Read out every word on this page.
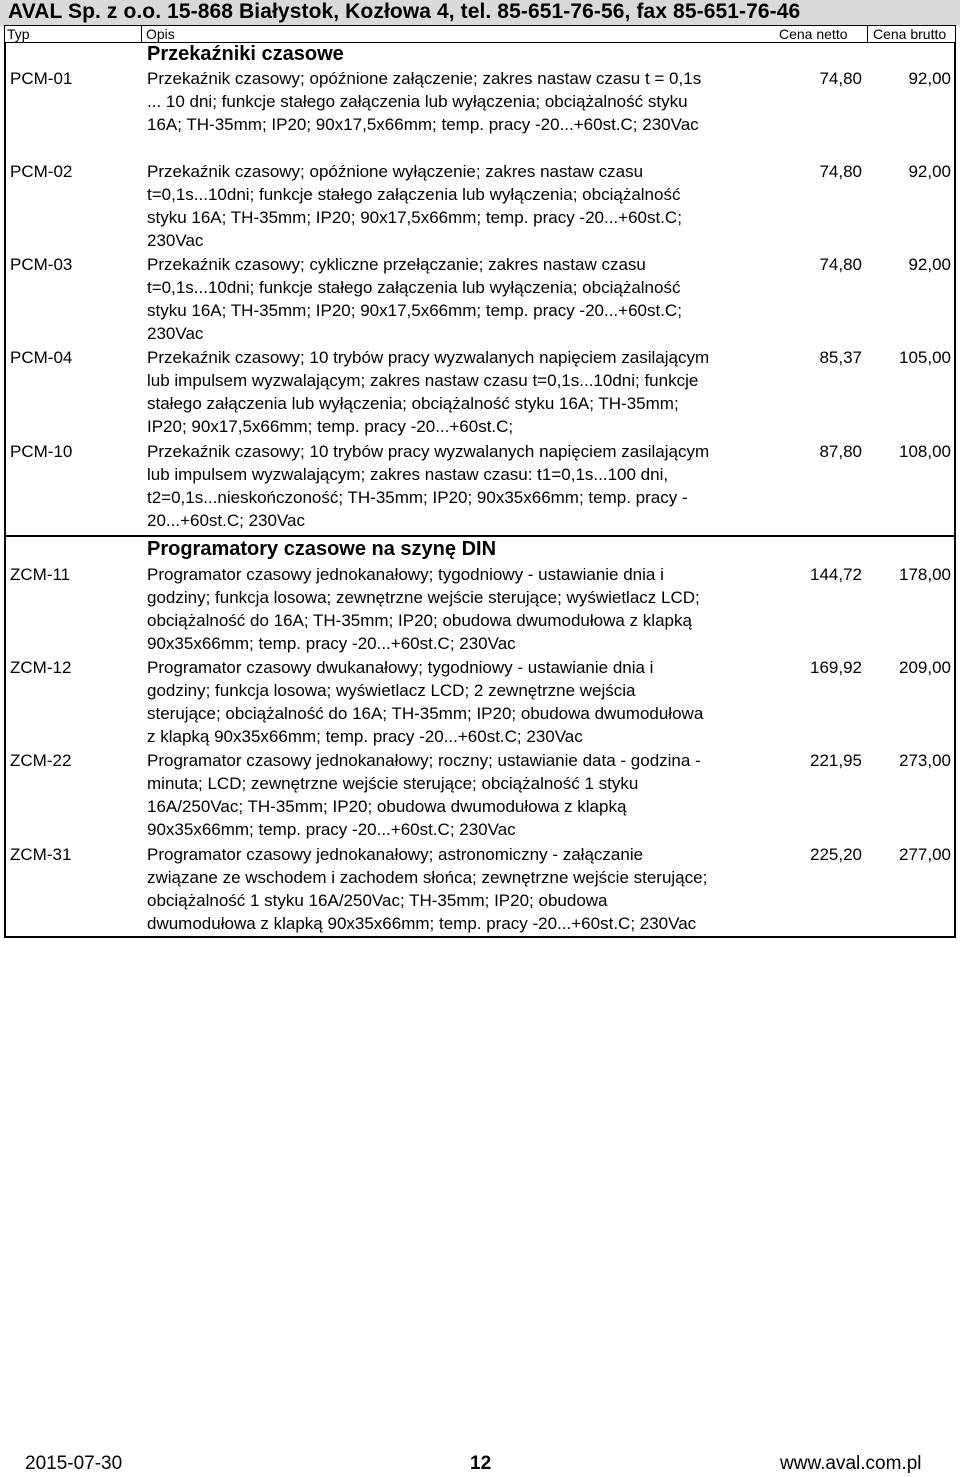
AVAL Sp. z o.o. 15-868 Białystok, Kozłowa 4, tel. 85-651-76-56, fax 85-651-76-46
Typ	Opis	Cena netto Cena brutto
Przekaźniki czasowe
PCM-01	Przekaźnik czasowy; opóźnione załączenie; zakres nastaw czasu t = 0,1s
... 10 dni; funkcje stałego załączenia lub wyłączenia; obciążalność styku
16A; TH-35mm; IP20; 90x17,5x66mm; temp. pracy -20...+60st.C; 230Vac
74,80	92,00
PCM-02	Przekaźnik czasowy; opóźnione wyłączenie; zakres nastaw czasu
t=0,1s...10dni; funkcje stałego załączenia lub wyłączenia; obciążalność
styku 16A; TH-35mm; IP20; 90x17,5x66mm; temp. pracy -20...+60st.C;
230Vac
74,80	92,00
PCM-03	Przekaźnik czasowy; cykliczne przełączanie; zakres nastaw czasu
t=0,1s...10dni; funkcje stałego załączenia lub wyłączenia; obciążalność
styku 16A; TH-35mm; IP20; 90x17,5x66mm; temp. pracy -20...+60st.C;
230Vac
74,80	92,00
PCM-04	Przekaźnik czasowy; 10 trybów pracy wyzwalanych napięciem zasilającym
lub impulsem wyzwalającym; zakres nastaw czasu t=0,1s...10dni; funkcje
stałego załączenia lub wyłączenia; obciążalność styku 16A; TH-35mm;
IP20; 90x17,5x66mm; temp. pracy -20...+60st.C;
85,37 105,00
PCM-10	Przekaźnik czasowy; 10 trybów pracy wyzwalanych napięciem zasilającym
lub impulsem wyzwalającym; zakres nastaw czasu: t1=0,1s...100 dni,
t2=0,1s...nieskończoność; TH-35mm; IP20; 90x35x66mm; temp. pracy -
20...+60st.C; 230Vac
87,80 108,00
Programatory czasowe na szynę DIN
ZCM-11	Programator czasowy jednokanałowy; tygodniowy - ustawianie dnia i
godziny; funkcja losowa; zewnętrzne wejście sterujące; wyświetlacz LCD;
obciążalność do 16A; TH-35mm; IP20; obudowa dwumodułowa z klapką
90x35x66mm; temp. pracy -20...+60st.C; 230Vac
144,72 178,00
ZCM-12	Programator czasowy dwukanałowy; tygodniowy - ustawianie dnia i
godziny; funkcja losowa; wyświetlacz LCD; 2 zewnętrzne wejścia
sterujące; obciążalność do 16A; TH-35mm; IP20; obudowa dwumodułowa
z klapką 90x35x66mm; temp. pracy -20...+60st.C; 230Vac
169,92 209,00
ZCM-22	Programator czasowy jednokanałowy; roczny; ustawianie data - godzina -
minuta; LCD; zewnętrzne wejście sterujące; obciążalność 1 styku
16A/250Vac; TH-35mm; IP20; obudowa dwumodułowa z klapką
90x35x66mm; temp. pracy -20...+60st.C; 230Vac
221,95 273,00
ZCM-31	Programator czasowy jednokanałowy; astronomiczny - załączanie
związane ze wschodem i zachodem słońca; zewnętrzne wejście sterujące;
obciążalność 1 styku 16A/250Vac; TH-35mm; IP20; obudowa
dwumodułowa z klapką 90x35x66mm; temp. pracy -20...+60st.C; 230Vac
225,20 277,00
2015-07-30	12	www.aval.com.pl
